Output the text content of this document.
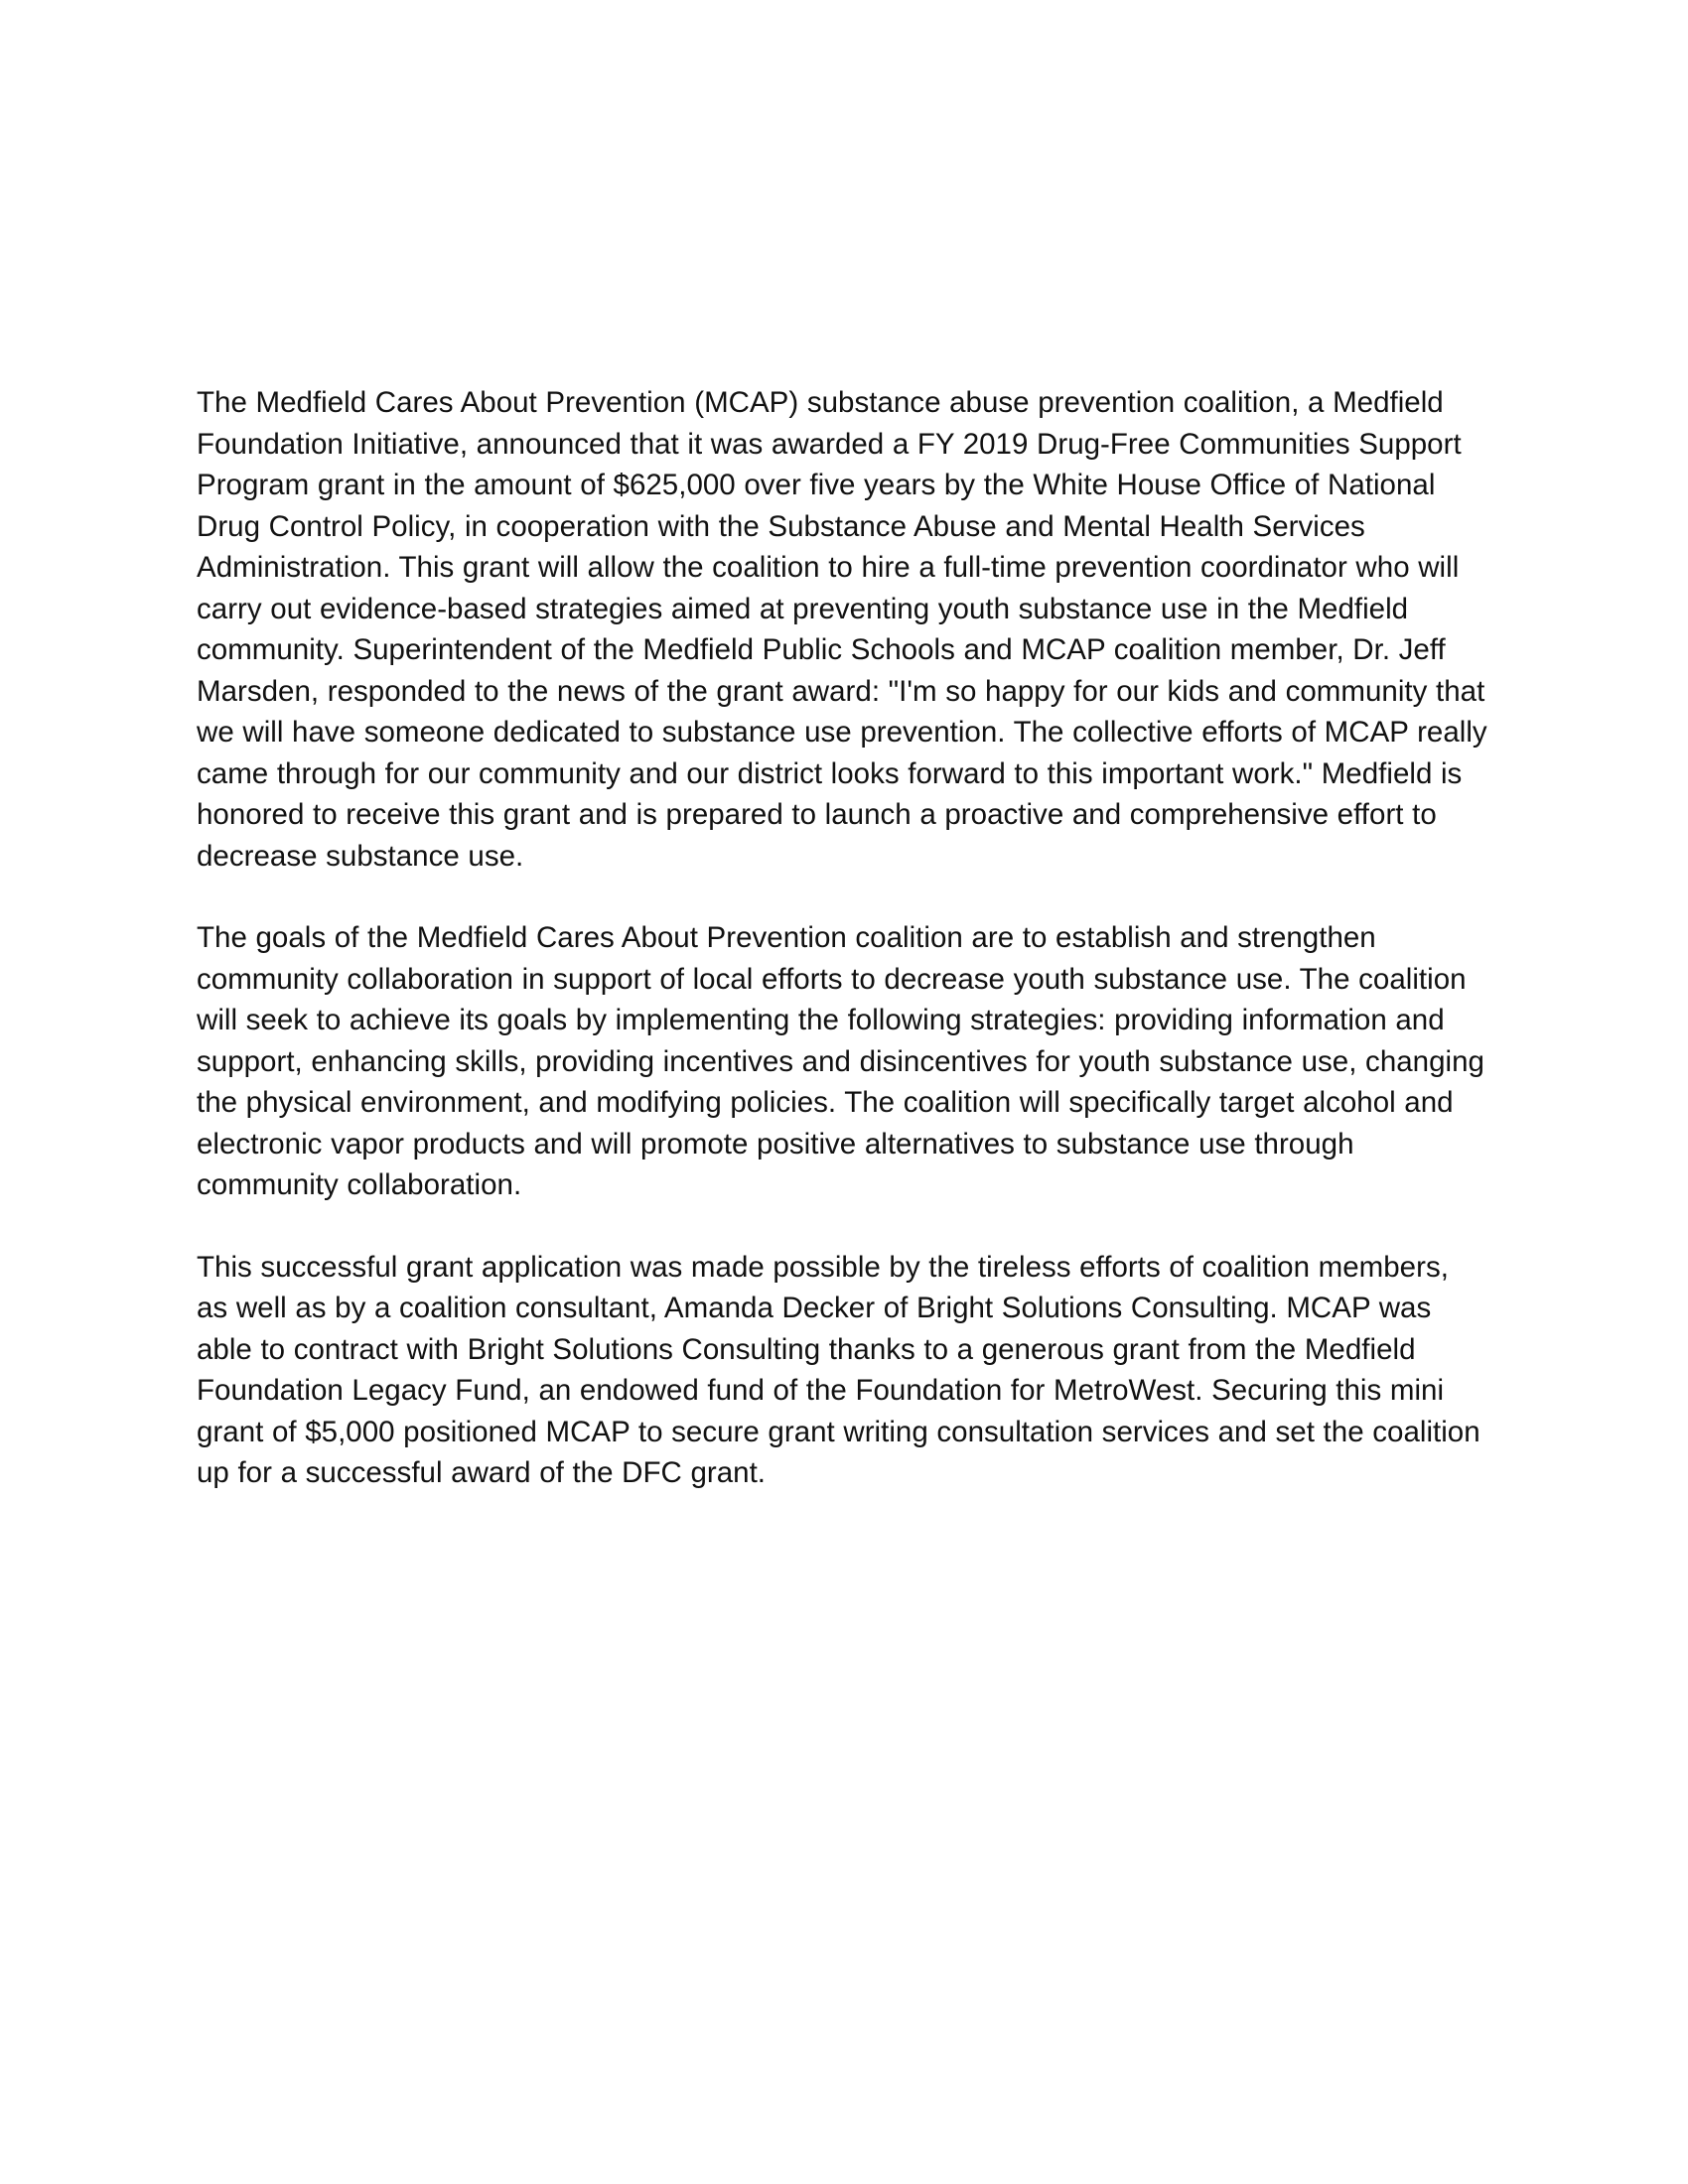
The Medfield Cares About Prevention (MCAP) substance abuse prevention coalition, a Medfield Foundation Initiative, announced that it was awarded a FY 2019 Drug-Free Communities Support Program grant in the amount of $625,000 over five years by the White House Office of National Drug Control Policy, in cooperation with the Substance Abuse and Mental Health Services Administration. This grant will allow the coalition to hire a full-time prevention coordinator who will carry out evidence-based strategies aimed at preventing youth substance use in the Medfield community. Superintendent of the Medfield Public Schools and MCAP coalition member, Dr. Jeff Marsden, responded to the news of the grant award: "I'm so happy for our kids and community that we will have someone dedicated to substance use prevention. The collective efforts of MCAP really came through for our community and our district looks forward to this important work." Medfield is honored to receive this grant and is prepared to launch a proactive and comprehensive effort to decrease substance use.

The goals of the Medfield Cares About Prevention coalition are to establish and strengthen community collaboration in support of local efforts to decrease youth substance use. The coalition will seek to achieve its goals by implementing the following strategies: providing information and support, enhancing skills, providing incentives and disincentives for youth substance use, changing the physical environment, and modifying policies. The coalition will specifically target alcohol and electronic vapor products and will promote positive alternatives to substance use through community collaboration.

This successful grant application was made possible by the tireless efforts of coalition members, as well as by a coalition consultant, Amanda Decker of Bright Solutions Consulting. MCAP was able to contract with Bright Solutions Consulting thanks to a generous grant from the Medfield Foundation Legacy Fund, an endowed fund of the Foundation for MetroWest. Securing this mini grant of $5,000 positioned MCAP to secure grant writing consultation services and set the coalition up for a successful award of the DFC grant.
